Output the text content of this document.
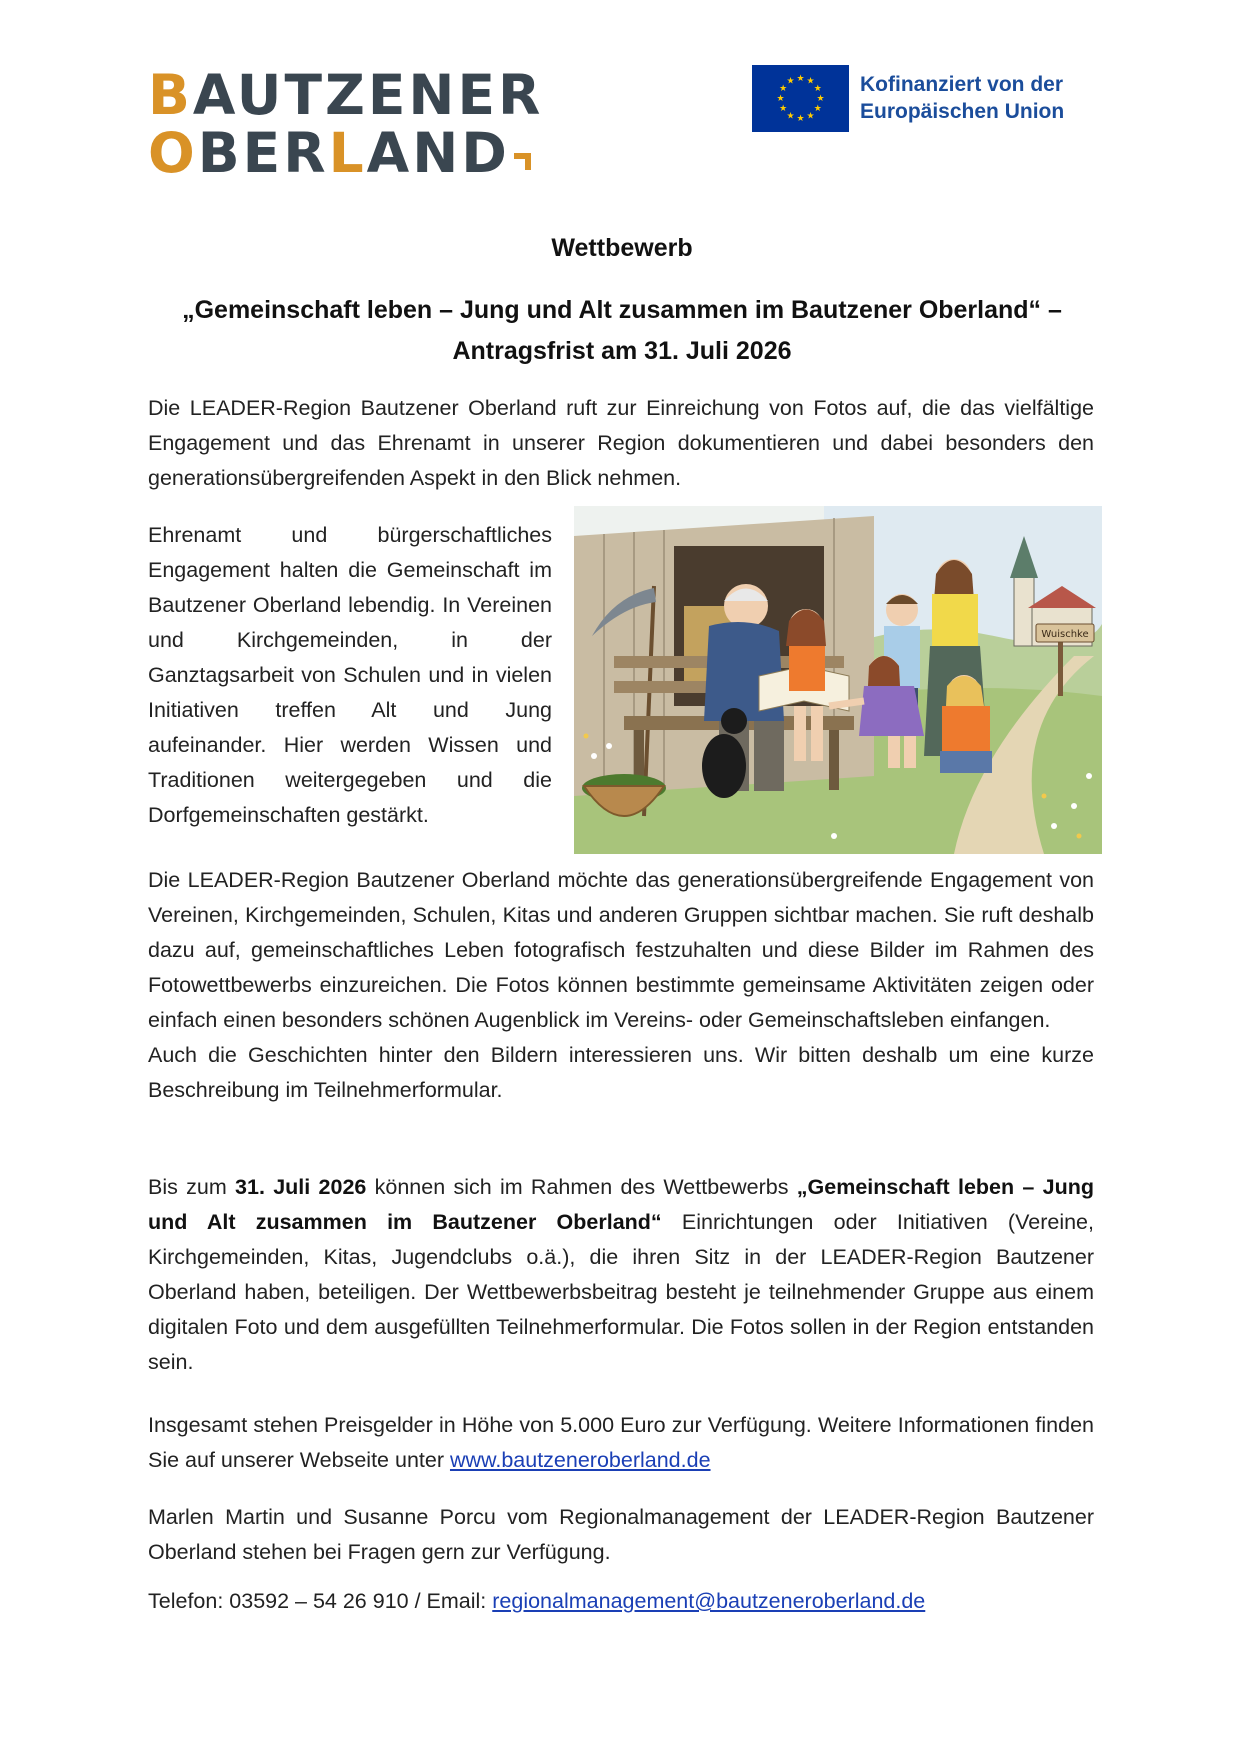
BAUTZENER
OBERLAND
★ ★
★
★
★
★
★
★
★
★
★
★	Kofinanziert von der
Europäischen Union
Wettbewerb
„Gemeinschaft leben – Jung und Alt zusammen im Bautzener Oberland“ –
Antragsfrist am 31. Juli 2026

Die LEADER-Region Bautzener Oberland ruft zur Einreichung von Fotos auf, die das vielfältige Engagement und das Ehrenamt in unserer Region dokumentieren und dabei besonders den generationsübergreifenden Aspekt in den Blick nehmen.

Ehrenamt und bürgerschaftliches Engagement halten die Gemeinschaft im Bautzener Oberland lebendig. In Vereinen und Kirchgemeinden, in der Ganztagsarbeit von Schulen und in vielen Initiativen treffen Alt und Jung aufeinander. Hier werden Wissen und Traditionen weitergegeben und die Dorfgemeinschaften gestärkt.

Wuischke

Die LEADER-Region Bautzener Oberland möchte das generationsübergreifende Engagement von Vereinen, Kirchgemeinden, Schulen, Kitas und anderen Gruppen sichtbar machen. Sie ruft deshalb dazu auf, gemeinschaftliches Leben fotografisch festzuhalten und diese Bilder im Rahmen des Fotowettbewerbs einzureichen. Die Fotos können bestimmte gemeinsame Aktivitäten zeigen oder einfach einen besonders schönen Augenblick im Vereins- oder Gemeinschaftsleben einfangen.
Auch die Geschichten hinter den Bildern interessieren uns. Wir bitten deshalb um eine kurze Beschreibung im Teilnehmerformular.

Bis zum 31. Juli 2026 können sich im Rahmen des Wettbewerbs „Gemeinschaft leben – Jung und Alt zusammen im Bautzener Oberland“ Einrichtungen oder Initiativen (Vereine, Kirchgemeinden, Kitas, Jugendclubs o.ä.), die ihren Sitz in der LEADER-Region Bautzener Oberland haben, beteiligen. Der Wettbewerbsbeitrag besteht je teilnehmender Gruppe aus einem digitalen Foto und dem ausgefüllten Teilnehmerformular. Die Fotos sollen in der Region entstanden sein.

Insgesamt stehen Preisgelder in Höhe von 5.000 Euro zur Verfügung. Weitere Informationen finden Sie auf unserer Webseite unter www.bautzeneroberland.de

Marlen Martin und Susanne Porcu vom Regionalmanagement der LEADER-Region Bautzener Oberland stehen bei Fragen gern zur Verfügung.

Telefon: 03592 – 54 26 910 / Email: regionalmanagement@bautzeneroberland.de
